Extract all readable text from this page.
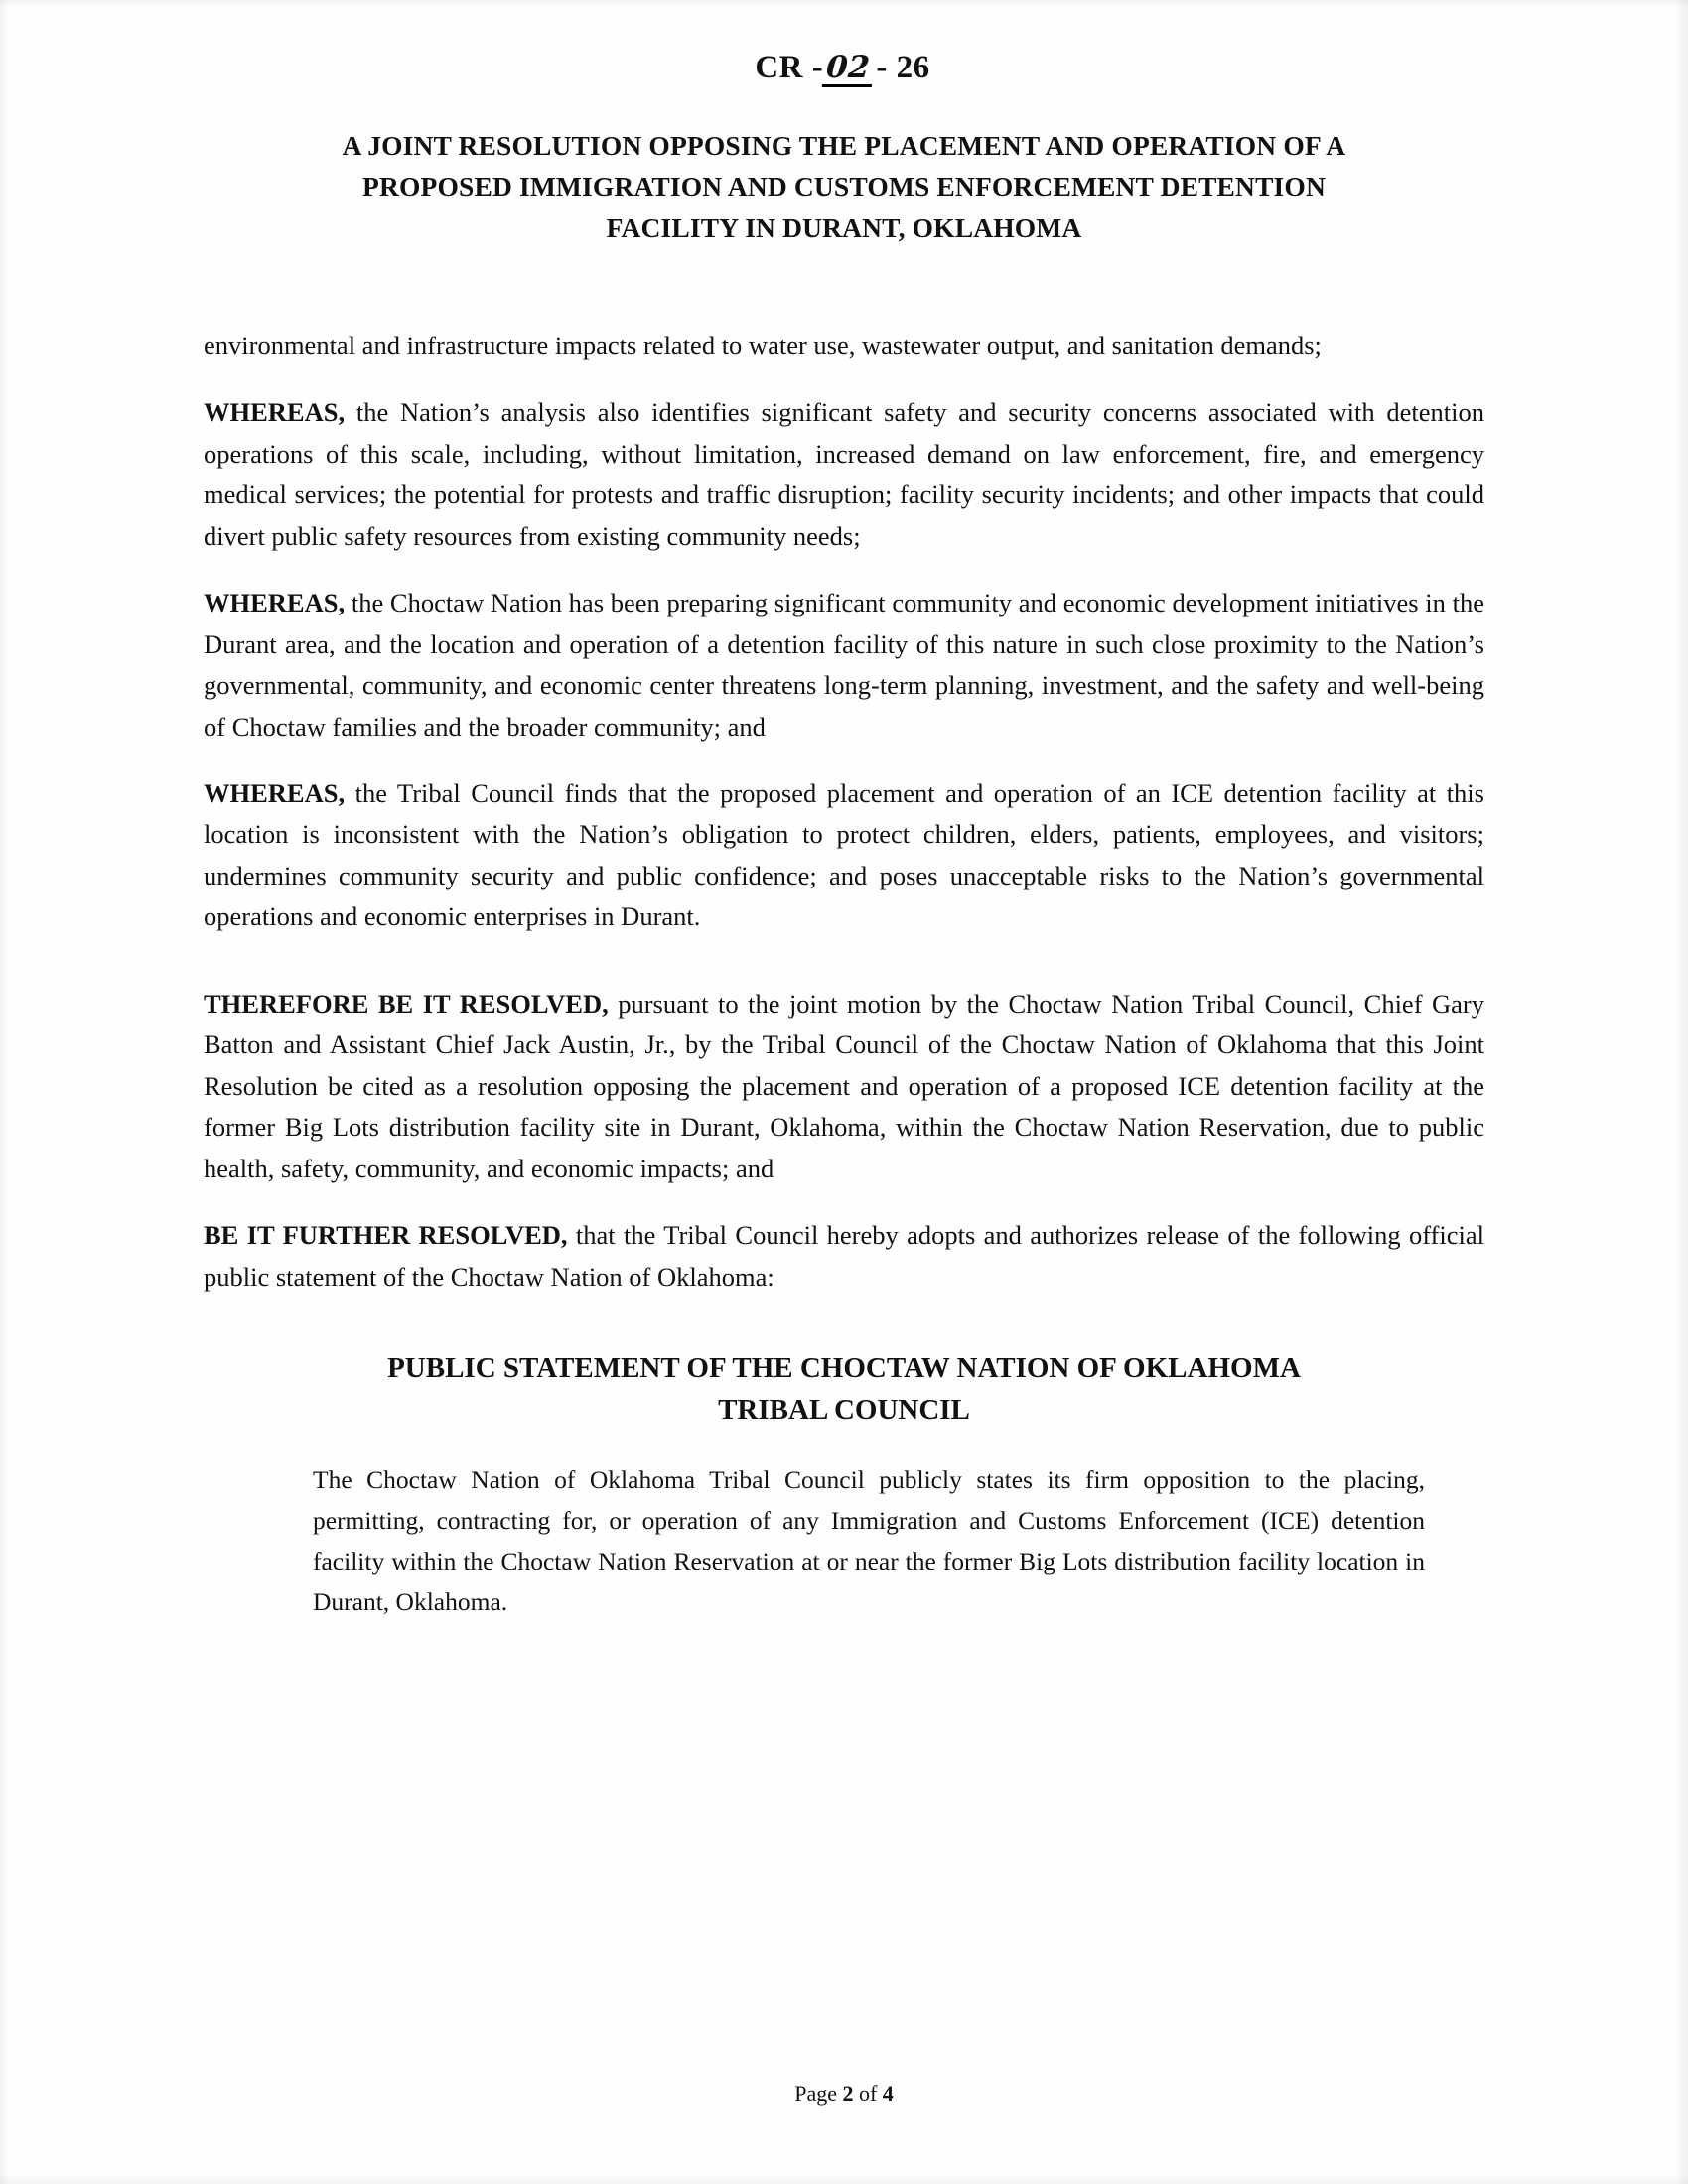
CR -02 - 26
A JOINT RESOLUTION OPPOSING THE PLACEMENT AND OPERATION OF A
PROPOSED IMMIGRATION AND CUSTOMS ENFORCEMENT DETENTION
FACILITY IN DURANT, OKLAHOMA

environmental and infrastructure impacts related to water use, wastewater output, and sanitation demands;

WHEREAS, the Nation’s analysis also identifies significant safety and security concerns associated with detention operations of this scale, including, without limitation, increased demand on law enforcement, fire, and emergency medical services; the potential for protests and traffic disruption; facility security incidents; and other impacts that could divert public safety resources from existing community needs;

WHEREAS, the Choctaw Nation has been preparing significant community and economic development initiatives in the Durant area, and the location and operation of a detention facility of this nature in such close proximity to the Nation’s governmental, community, and economic center threatens long-term planning, investment, and the safety and well-being of Choctaw families and the broader community; and

WHEREAS, the Tribal Council finds that the proposed placement and operation of an ICE detention facility at this location is inconsistent with the Nation’s obligation to protect children, elders, patients, employees, and visitors; undermines community security and public confidence; and poses unacceptable risks to the Nation’s governmental operations and economic enterprises in Durant.

THEREFORE BE IT RESOLVED, pursuant to the joint motion by the Choctaw Nation Tribal Council, Chief Gary Batton and Assistant Chief Jack Austin, Jr., by the Tribal Council of the Choctaw Nation of Oklahoma that this Joint Resolution be cited as a resolution opposing the placement and operation of a proposed ICE detention facility at the former Big Lots distribution facility site in Durant, Oklahoma, within the Choctaw Nation Reservation, due to public health, safety, community, and economic impacts; and

BE IT FURTHER RESOLVED, that the Tribal Council hereby adopts and authorizes release of the following official public statement of the Choctaw Nation of Oklahoma:

PUBLIC STATEMENT OF THE CHOCTAW NATION OF OKLAHOMA
TRIBAL COUNCIL

The Choctaw Nation of Oklahoma Tribal Council publicly states its firm opposition to the placing, permitting, contracting for, or operation of any Immigration and Customs Enforcement (ICE) detention facility within the Choctaw Nation Reservation at or near the former Big Lots distribution facility location in Durant, Oklahoma.

Page 2 of 4
